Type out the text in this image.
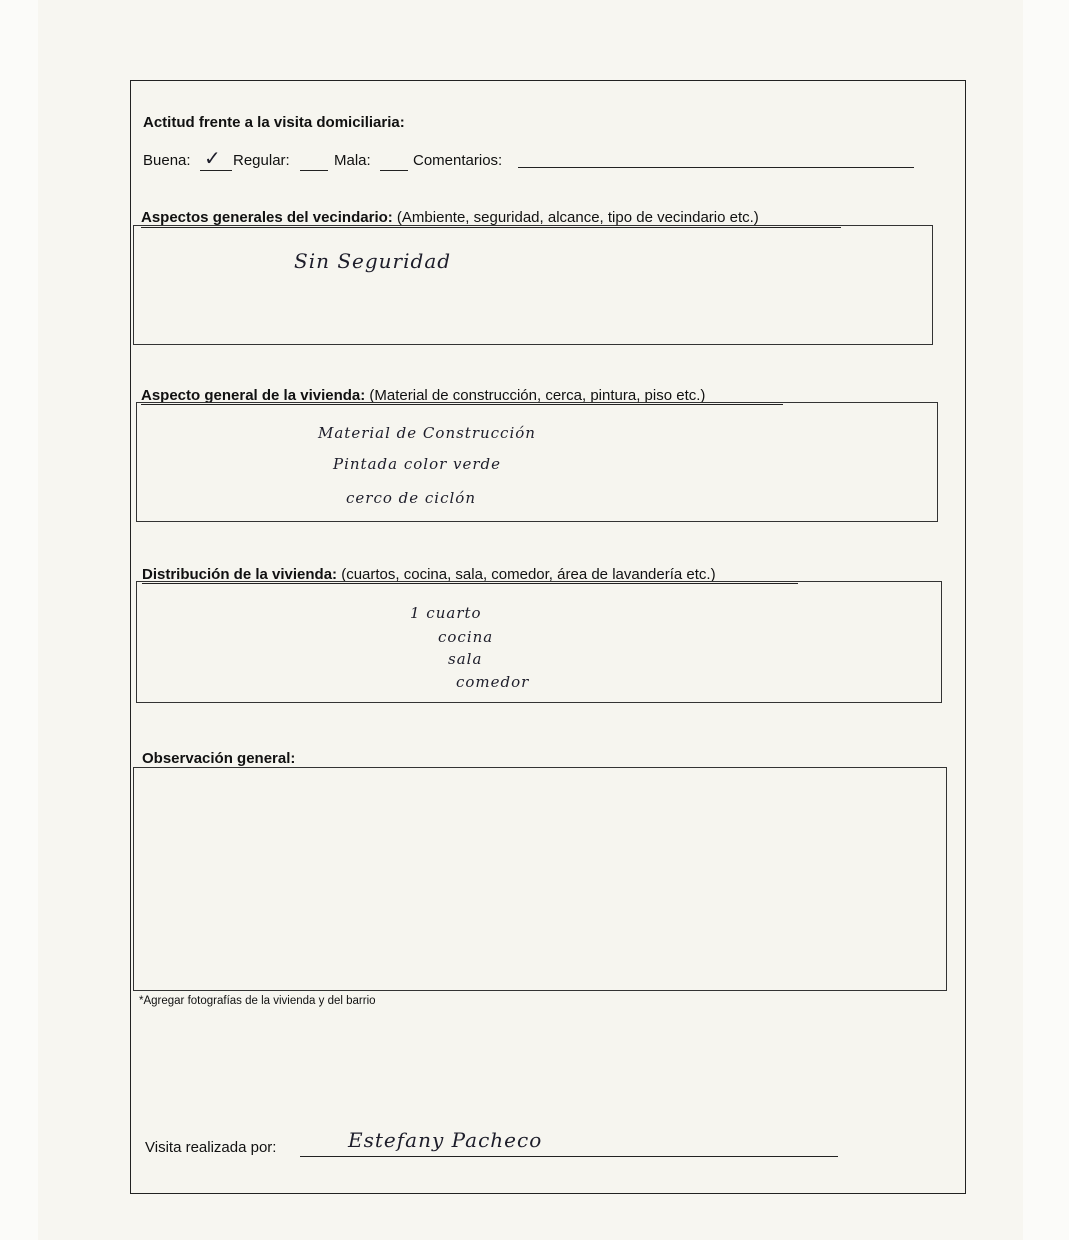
Actitud frente a la visita domiciliaria:
Buena: ✓ Regular:	Mala:	Comentarios:
Aspectos generales del vecindario: (Ambiente, seguridad, alcance, tipo de vecindario etc.)
Sin Seguridad
Aspecto general de la vivienda: (Material de construcción, cerca, pintura, piso etc.)
Material de Construcción
Pintada color verde
cerco de ciclón
Distribución de la vivienda: (cuartos, cocina, sala, comedor, área de lavandería etc.)
1 cuarto
cocina
sala
comedor
Observación general:
*Agregar fotografías de la vivienda y del barrio
Visita realizada por:	Estefany Pacheco
